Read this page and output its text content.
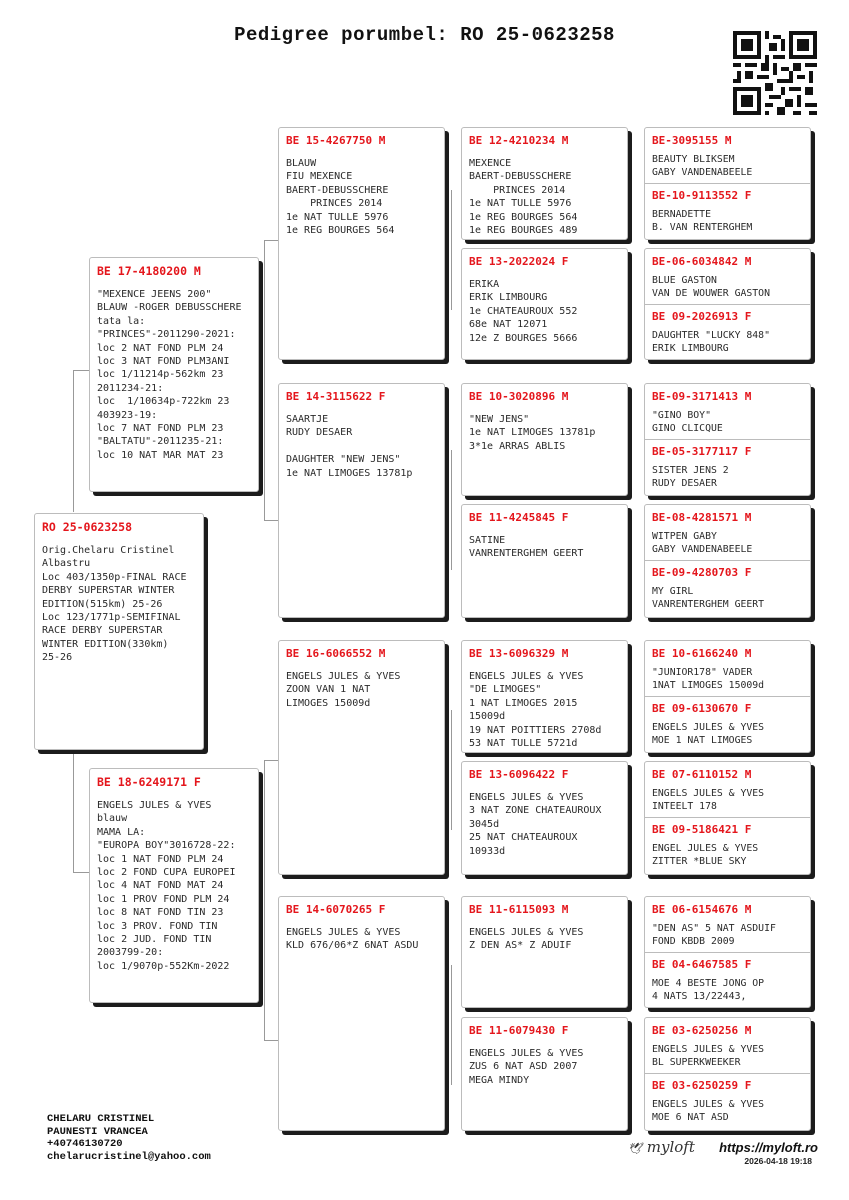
Pedigree porumbel: RO 25-0623258
RO 25-0623258
Orig.Chelaru Cristinel
Albastru
Loc 403/1350p-FINAL RACE
DERBY SUPERSTAR WINTER
EDITION(515km) 25-26
Loc 123/1771p-SEMIFINAL
RACE DERBY SUPERSTAR
WINTER EDITION(330km)
25-26
BE 17-4180200 M
"MEXENCE JEENS 200"
BLAUW -ROGER DEBUSSCHERE
tata la:
"PRINCES"-2011290-2021:
loc 2 NAT FOND PLM 24
loc 3 NAT FOND PLM3ANI
loc 1/11214p-562km 23
2011234-21:
loc  1/10634p-722km 23
403923-19:
loc 7 NAT FOND PLM 23
"BALTATU"-2011235-21:
loc 10 NAT MAR MAT 23
BE 18-6249171 F
ENGELS JULES & YVES
blauw
MAMA LA:
"EUROPA BOY"3016728-22:
loc 1 NAT FOND PLM 24
loc 2 FOND CUPA EUROPEI
loc 4 NAT FOND MAT 24
loc 1 PROV FOND PLM 24
loc 8 NAT FOND TIN 23
loc 3 PROV. FOND TIN
loc 2 JUD. FOND TIN
2003799-20:
loc 1/9070p-552Km-2022
BE 15-4267750 M
BLAUW
FIU MEXENCE
BAERT-DEBUSSCHERE
PRINCES 2014
1e NAT TULLE 5976
1e REG BOURGES 564
BE 14-3115622 F
SAARTJE
RUDY DESAER

DAUGHTER "NEW JENS"
1e NAT LIMOGES 13781p
BE 16-6066552 M
ENGELS JULES & YVES
ZOON VAN 1 NAT
LIMOGES 15009d
BE 14-6070265 F
ENGELS JULES & YVES
KLD 676/06*Z 6NAT ASDU
BE 12-4210234 M
MEXENCE
BAERT-DEBUSSCHERE
PRINCES 2014
1e NAT TULLE 5976
1e REG BOURGES 564
1e REG BOURGES 489
BE 13-2022024 F
ERIKA
ERIK LIMBOURG
1e CHATEAUROUX 552
68e NAT 12071
12e Z BOURGES 5666
BE 10-3020896 M
"NEW JENS"
1e NAT LIMOGES 13781p
3*1e ARRAS ABLIS
BE 11-4245845 F
SATINE
VANRENTERGHEM GEERT
BE 13-6096329 M
ENGELS JULES & YVES
"DE LIMOGES"
1 NAT LIMOGES 2015
15009d
19 NAT POITTIERS 2708d
53 NAT TULLE 5721d
BE 13-6096422 F
ENGELS JULES & YVES
3 NAT ZONE CHATEAUROUX
3045d
25 NAT CHATEAUROUX
10933d
BE 11-6115093 M
ENGELS JULES & YVES
Z DEN AS* Z ADUIF
BE 11-6079430 F
ENGELS JULES & YVES
ZUS 6 NAT ASD 2007
MEGA MINDY
BE-3095155 M
BEAUTY BLIKSEM
GABY VANDENABEELE
BE-10-9113552 F
BERNADETTE
B. VAN RENTERGHEM
BE-06-6034842 M
BLUE GASTON
VAN DE WOUWER GASTON
BE 09-2026913 F
DAUGHTER "LUCKY 848"
ERIK LIMBOURG
BE-09-3171413 M
"GINO BOY"
GINO CLICQUE
BE-05-3177117 F
SISTER JENS 2
RUDY DESAER
BE-08-4281571 M
WITPEN GABY
GABY VANDENABEELE
BE-09-4280703 F
MY GIRL
VANRENTERGHEM GEERT
BE 10-6166240 M
"JUNIOR178" VADER
1NAT LIMOGES 15009d
BE 09-6130670 F
ENGELS JULES & YVES
MOE 1 NAT LIMOGES
BE 07-6110152 M
ENGELS JULES & YVES
INTEELT 178
BE 09-5186421 F
ENGEL JULES & YVES
ZITTER *BLUE SKY
BE 06-6154676 M
"DEN AS" 5 NAT ASDUIF
FOND KBDB 2009
BE 04-6467585 F
MOE 4 BESTE JONG OP
4 NATS 13/22443,
BE 03-6250256 M
ENGELS JULES & YVES
BL SUPERKWEEKER
BE 03-6250259 F
ENGELS JULES & YVES
MOE 6 NAT ASD
CHELARU CRISTINEL
PAUNESTI VRANCEA
+40746130720
chelarucristinel@yahoo.com
🕊 myloft https://myloft.ro
2026-04-18 19:18
